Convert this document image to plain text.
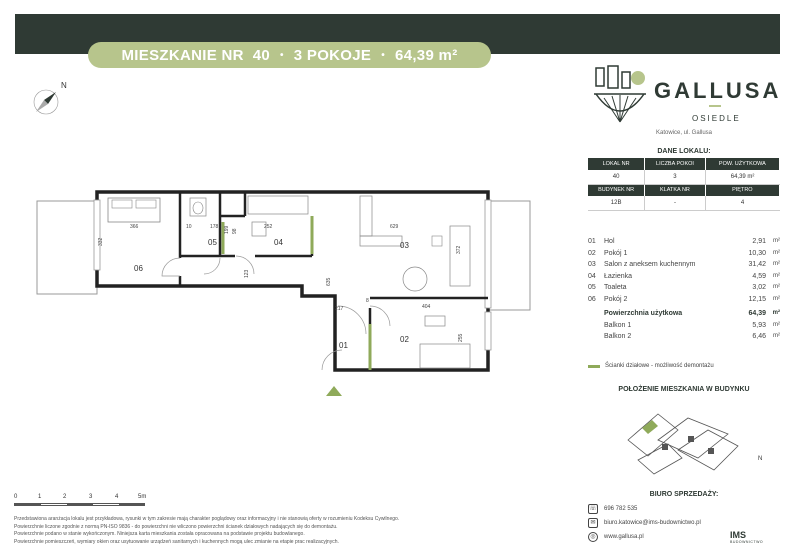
MIESZKANIE NR 40 • 3 POKOJE • 64,39 m²
N
06
05	04	03
02
01
366
332
178	252	629
372
635
217	404
255
123
8
10	199 98
GALLUSA
OSIEDLE
Katowice, ul. Gallusa
DANE LOKALU:
LOKAL NR	LICZBA POKOI	POW. UŻYTKOWA
40	3	64,39 m²
BUDYNEK NR	KLATKA NR	PIĘTRO
12B	-	4
01 Hol	2,91 m²
02 Pokój 1	10,30 m²
03 Salon z aneksem kuchennym	31,42 m²
04 Łazienka	4,59 m²
05 Toaleta	3,02 m²
06 Pokój 2	12,15 m²
Powierzchnia użytkowa	64,39 m²
Balkon 1	5,93 m²
Balkon 2	6,46 m²
Ścianki działowe - możliwość demontażu
POŁOŻENIE MIESZKANIA W BUDYNKU
N
BIURO SPRZEDAŻY:
☏ 696 782 535
✉	biuro.katowice@ims-budownictwo.pl
◎	www.gallusa.pl	IMS
BUDOWNICTWO
0	1	2	3	4	5m
Przedstawiona aranżacja lokalu jest przykładowa, rysunki w tym zakresie mają charakter poglądowy oraz informacyjny i nie stanowią oferty w rozumieniu Kodeksu Cywilnego.
Powierzchnie liczone zgodnie z normą PN-ISO 9836 - do powierzchni nie wliczono powierzchni ścianek działowych nadających się do demontażu.
Powierzchnie podano w stanie wykończonym. Niniejsza karta mieszkania została opracowana na podstawie projektu budowlanego.
Powierzchnie pomieszczeń, wymiary okien oraz usytuowanie urządzeń sanitarnych i kuchennych mogą ulec zmianie na etapie prac realizacyjnych.
